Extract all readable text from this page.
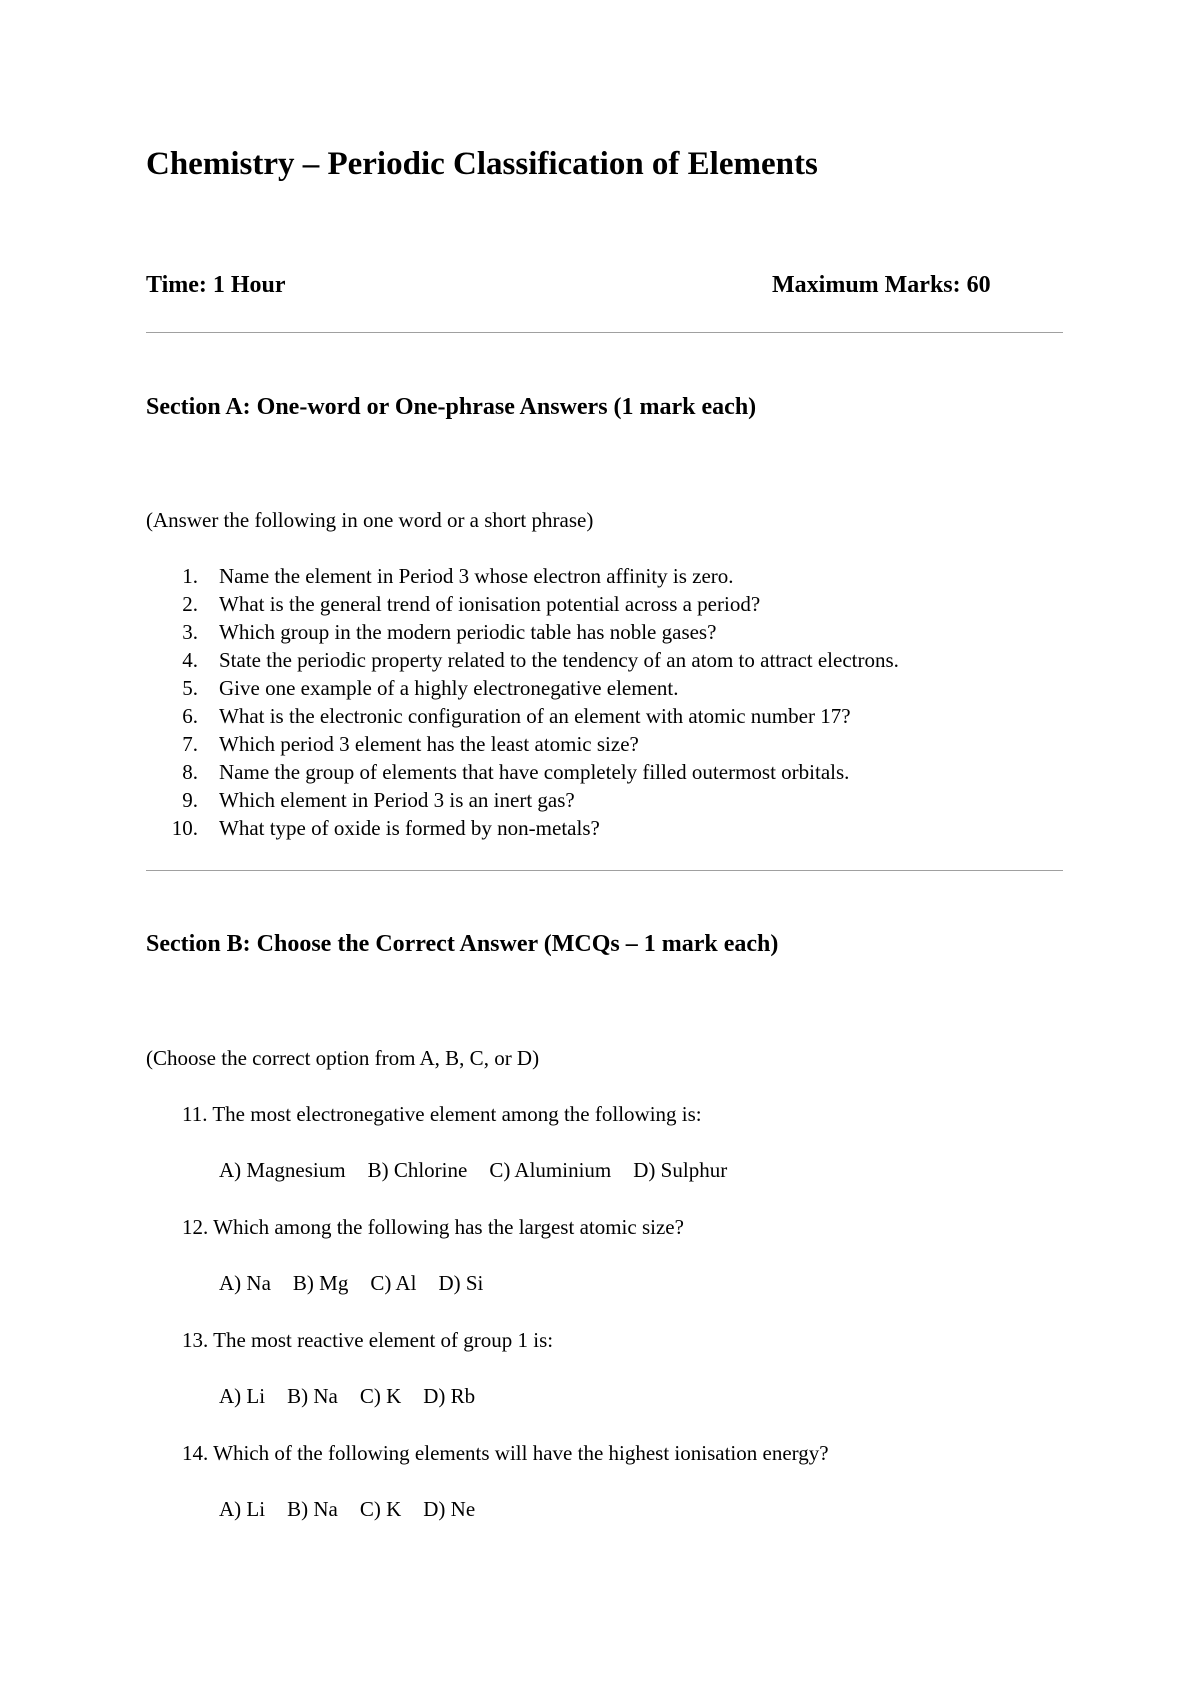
Chemistry – Periodic Classification of Elements
Time: 1 Hour	Maximum Marks: 60
Section A: One-word or One-phrase Answers (1 mark each)
(Answer the following in one word or a short phrase)
1. Name the element in Period 3 whose electron affinity is zero.
2. What is the general trend of ionisation potential across a period?
3. Which group in the modern periodic table has noble gases?
4. State the periodic property related to the tendency of an atom to attract electrons.
5. Give one example of a highly electronegative element.
6. What is the electronic configuration of an element with atomic number 17?
7. Which period 3 element has the least atomic size?
8. Name the group of elements that have completely filled outermost orbitals.
9. Which element in Period 3 is an inert gas?
10. What type of oxide is formed by non-metals?
Section B: Choose the Correct Answer (MCQs – 1 mark each)
(Choose the correct option from A, B, C, or D)
11. The most electronegative element among the following is:
A) Magnesium B) Chlorine C) Aluminium D) Sulphur
12. Which among the following has the largest atomic size?
A) Na B) Mg C) Al D) Si
13. The most reactive element of group 1 is:
A) Li B) Na C) K D) Rb
14. Which of the following elements will have the highest ionisation energy?
A) Li B) Na C) K D) Ne
